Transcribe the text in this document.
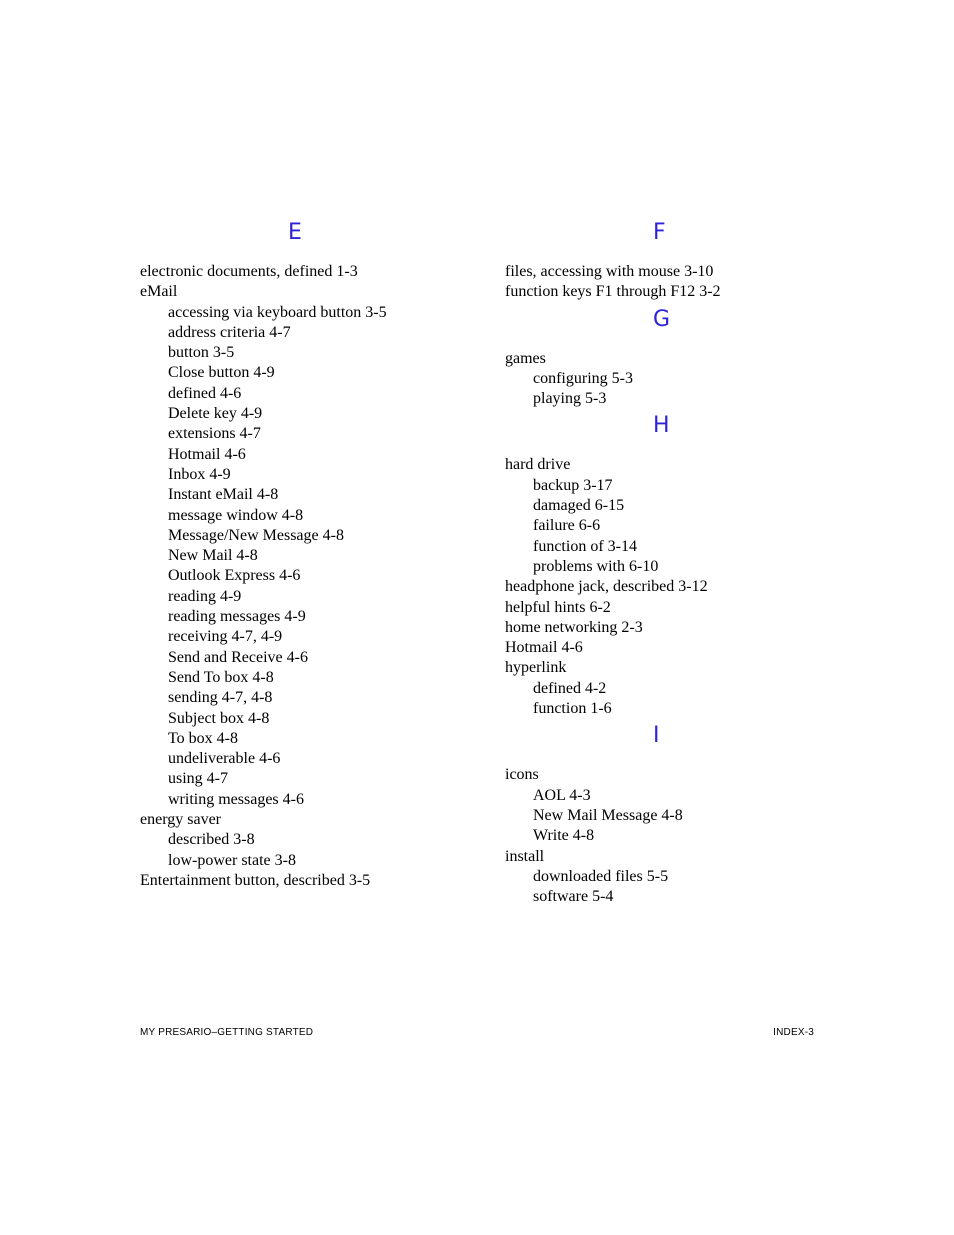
E
electronic documents, defined 1-3
eMail
accessing via keyboard button 3-5
address criteria 4-7
button 3-5
Close button 4-9
defined 4-6
Delete key 4-9
extensions 4-7
Hotmail 4-6
Inbox 4-9
Instant eMail 4-8
message window 4-8
Message/New Message 4-8
New Mail 4-8
Outlook Express 4-6
reading 4-9
reading messages 4-9
receiving 4-7, 4-9
Send and Receive 4-6
Send To box 4-8
sending 4-7, 4-8
Subject box 4-8
To box 4-8
undeliverable 4-6
using 4-7
writing messages 4-6
energy saver
described 3-8
low-power state 3-8
Entertainment button, described 3-5
F
files, accessing with mouse 3-10
function keys F1 through F12 3-2
G
games
configuring 5-3
playing 5-3
H
hard drive
backup 3-17
damaged 6-15
failure 6-6
function of 3-14
problems with 6-10
headphone jack, described 3-12
helpful hints 6-2
home networking 2-3
Hotmail 4-6
hyperlink
defined 4-2
function 1-6
I
icons
AOL 4-3
New Mail Message 4-8
Write 4-8
install
downloaded files 5-5
software 5-4
MY PRESARIO–GETTING STARTED	INDEX-3
